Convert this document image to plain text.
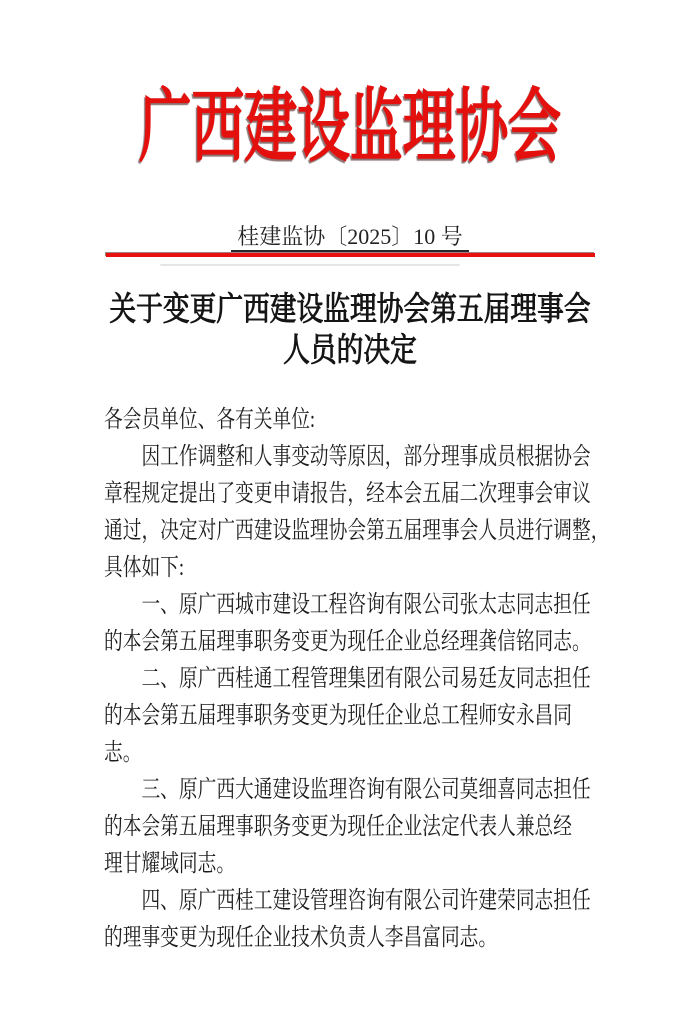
广西建设监理协会
桂建监协〔2025〕10 号
关于变更广西建设监理协会第五届理事会
人员的决定
各会员单位、各有关单位:
因工作调整和人事变动等原因，部分理事成员根据协会
章程规定提出了变更申请报告，经本会五届二次理事会审议
通过，决定对广西建设监理协会第五届理事会人员进行调整，
具体如下:
一、原广西城市建设工程咨询有限公司张太志同志担任
的本会第五届理事职务变更为现任企业总经理龚信铭同志。
二、原广西桂通工程管理集团有限公司易廷友同志担任
的本会第五届理事职务变更为现任企业总工程师安永昌同
志。
三、原广西大通建设监理咨询有限公司莫细喜同志担任
的本会第五届理事职务变更为现任企业法定代表人兼总经
理甘耀域同志。
四、原广西桂工建设管理咨询有限公司许建荣同志担任
的理事变更为现任企业技术负责人李昌富同志。
